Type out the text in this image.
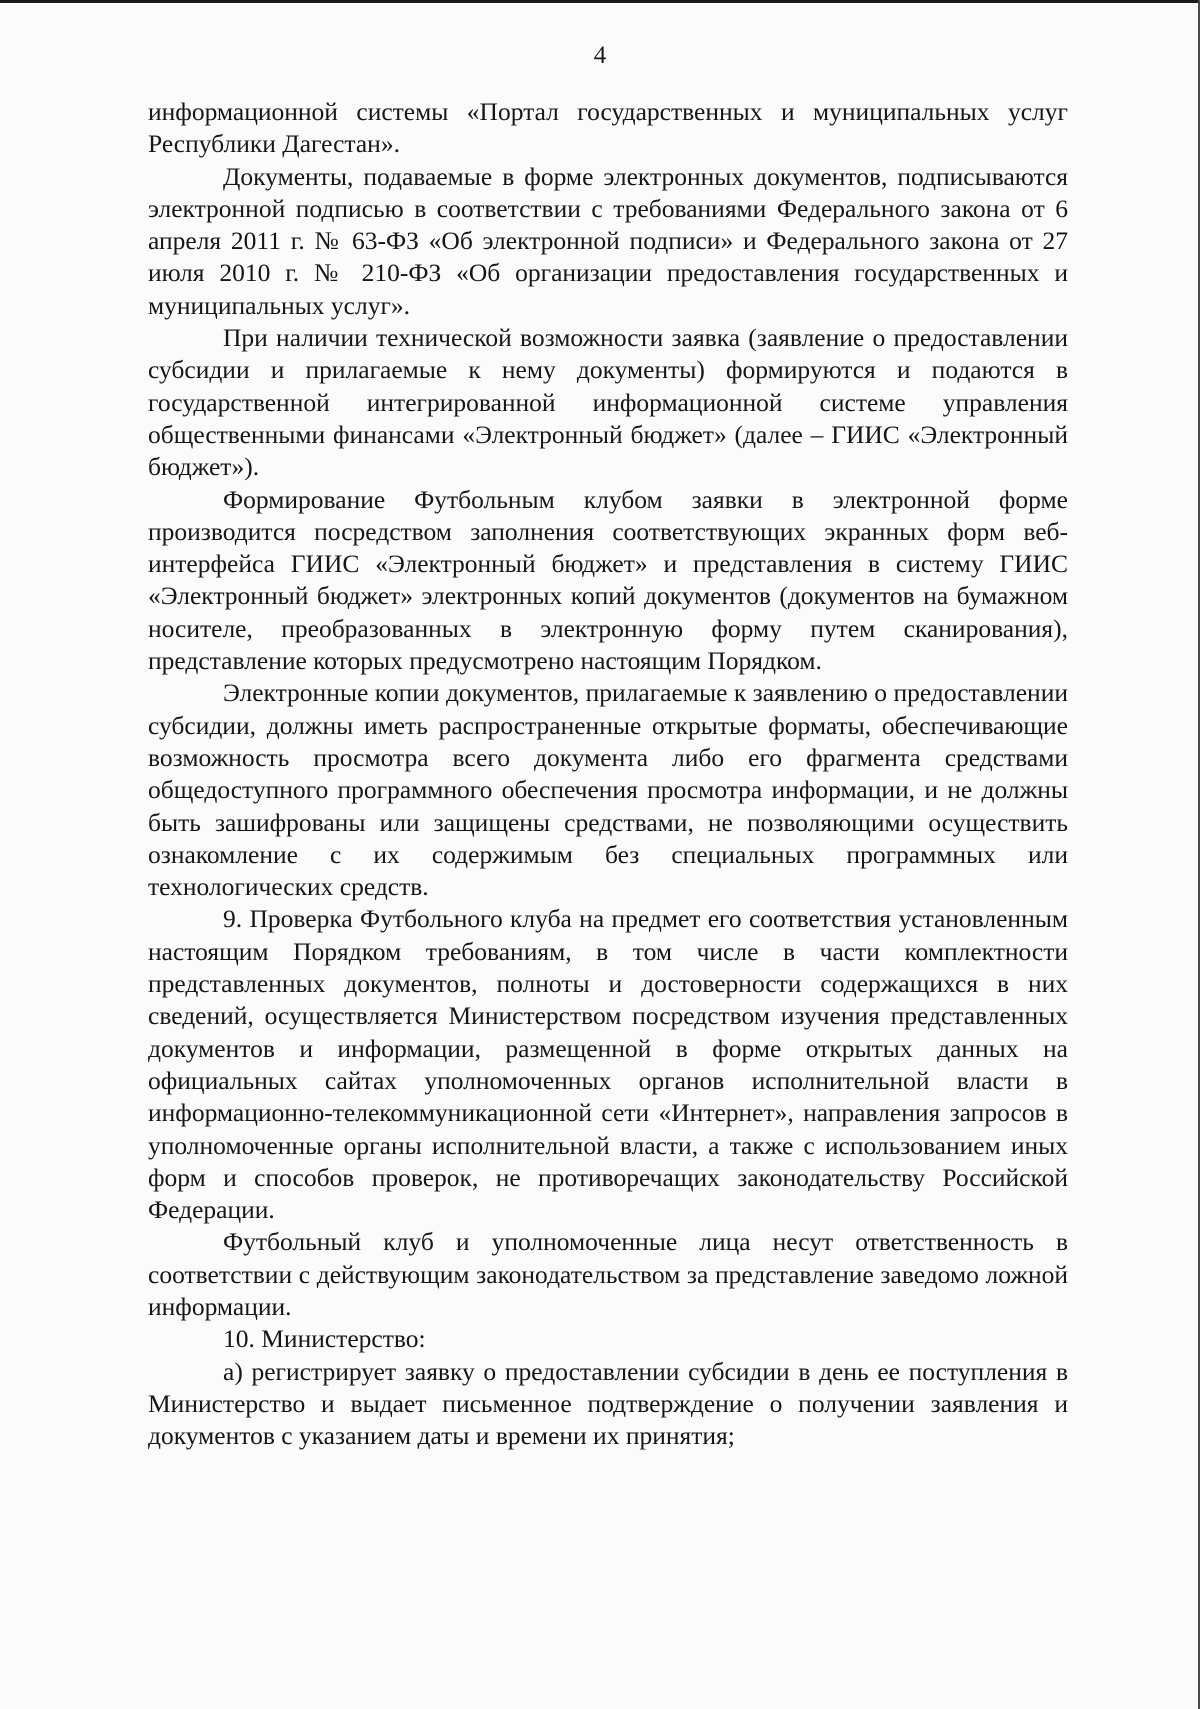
4

информационной системы «Портал государственных и муниципальных услуг Республики Дагестан».

Документы, подаваемые в форме электронных документов, подписываются электронной подписью в соответствии с требованиями Федерального закона от 6 апреля 2011 г. № 63-ФЗ «Об электронной подписи» и Федерального закона от 27 июля 2010 г. № 210-ФЗ «Об организации предоставления государственных и муниципальных услуг».

При наличии технической возможности заявка (заявление о предоставлении субсидии и прилагаемые к нему документы) формируются и подаются в государственной интегрированной информационной системе управления общественными финансами «Электронный бюджет» (далее – ГИИС «Электронный бюджет»).

Формирование Футбольным клубом заявки в электронной форме производится посредством заполнения соответствующих экранных форм веб-интерфейса ГИИС «Электронный бюджет» и представления в систему ГИИС «Электронный бюджет» электронных копий документов (документов на бумажном носителе, преобразованных в электронную форму путем сканирования), представление которых предусмотрено настоящим Порядком.

Электронные копии документов, прилагаемые к заявлению о предоставлении субсидии, должны иметь распространенные открытые форматы, обеспечивающие возможность просмотра всего документа либо его фрагмента средствами общедоступного программного обеспечения просмотра информации, и не должны быть зашифрованы или защищены средствами, не позволяющими осуществить ознакомление с их содержимым без специальных программных или технологических средств.

9. Проверка Футбольного клуба на предмет его соответствия установленным настоящим Порядком требованиям, в том числе в части комплектности представленных документов, полноты и достоверности содержащихся в них сведений, осуществляется Министерством посредством изучения представленных документов и информации, размещенной в форме открытых данных на официальных сайтах уполномоченных органов исполнительной власти в информационно-телекоммуникационной сети «Интернет», направления запросов в уполномоченные органы исполнительной власти, а также с использованием иных форм и способов проверок, не противоречащих законодательству Российской Федерации.

Футбольный клуб и уполномоченные лица несут ответственность в соответствии с действующим законодательством за представление заведомо ложной информации.

10. Министерство:

а) регистрирует заявку о предоставлении субсидии в день ее поступления в Министерство и выдает письменное подтверждение о получении заявления и документов с указанием даты и времени их принятия;
